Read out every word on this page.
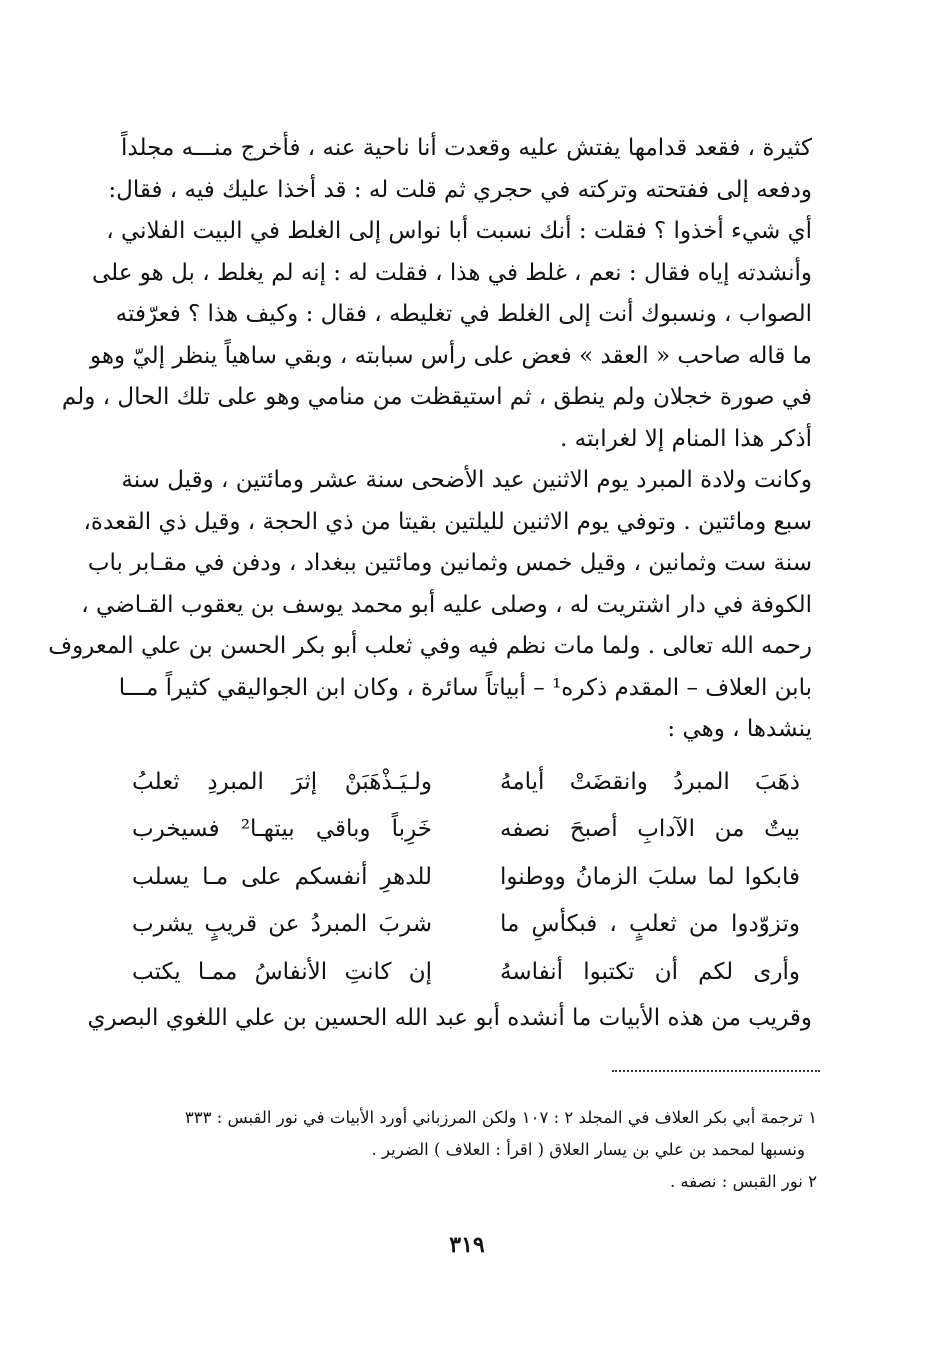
كثيرة ، فقعد قدامها يفتش عليه وقعدت أنا ناحية عنه ، فأخرج منـــه مجلداً
ودفعه إلى ففتحته وتركته في حجري ثم قلت له : قد أخذا عليك فيه ، فقال:
أي شيء أخذوا ؟ فقلت : أنك نسبت أبا نواس إلى الغلط في البيت الفلاني ،
وأنشدته إياه فقال : نعم ، غلط في هذا ، فقلت له : إنه لم يغلط ، بل هو على
الصواب ، ونسبوك أنت إلى الغلط في تغليطه ، فقال : وكيف هذا ؟ فعرّفته
ما قاله صاحب « العقد » فعض على رأس سبابته ، وبقي ساهياً ينظر إليّ وهو
في صورة خجلان ولم ينطق ، ثم استيقظت من منامي وهو على تلك الحال ، ولم
أذكر هذا المنام إلا لغرابته .
وكانت ولادة المبرد يوم الاثنين عيد الأضحى سنة عشر ومائتين ، وقيل سنة
سبع ومائتين . وتوفي يوم الاثنين لليلتين بقيتا من ذي الحجة ، وقيل ذي القعدة،
سنة ست وثمانين ، وقيل خمس وثمانين ومائتين ببغداد ، ودفن في مقـابر باب
الكوفة في دار اشتريت له ، وصلى عليه أبو محمد يوسف بن يعقوب القـاضي ،
رحمه الله تعالى . ولما مات نظم فيه وفي ثعلب أبو بكر الحسن بن علي المعروف
بابن العلاف – المقدم ذكره¹ – أبياتاً سائرة ، وكان ابن الجواليقي كثيراً مـــا
ينشدها ، وهي :
ذهَبَ المبردُ وانقضَتْ أيامهُ
ولـيَـذْهَبَنْ إثرَ المبردِ ثعلبُ
بيتٌ من الآدابِ أصبحَ نصفه
خَرِباً وباقي بيتهـا² فسيخرب
فابكوا لما سلبَ الزمانُ ووطنوا
للدهرِ أنفسكم على مـا يسلب
وتزوّدوا من ثعلبٍ ، فبكأسِ ما
شربَ المبردُ عن قريبٍ يشرب
وأرى لكم أن تكتبوا أنفاسهُ
إن كانتِ الأنفاسُ ممـا يكتب
وقريب من هذه الأبيات ما أنشده أبو عبد الله الحسين بن علي اللغوي البصري
١ ترجمة أبي بكر العلاف في المجلد ٢ : ١٠٧ ولكن المرزباني أورد الأبيات في نور القبس : ٣٣٣
ونسبها لمحمد بن علي بن يسار العلاق ( اقرأ : العلاف ) الضرير .
٢ نور القبس : نصفه .
٣١٩
